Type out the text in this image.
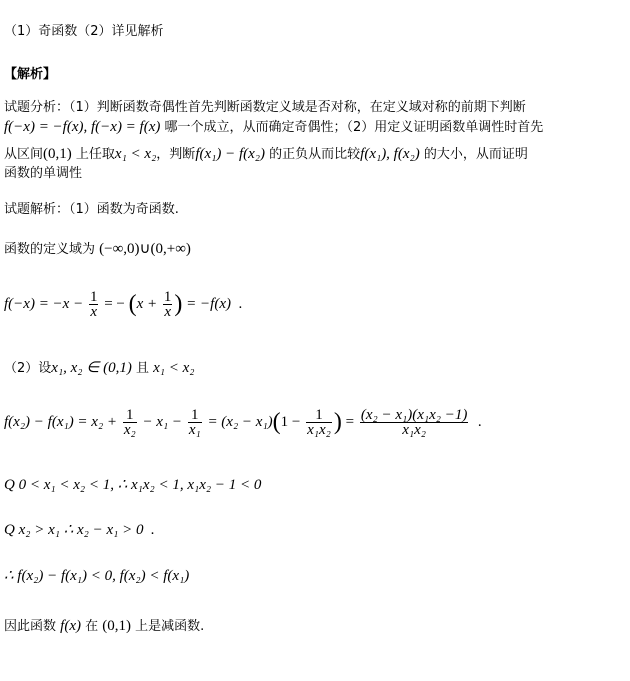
（1）奇函数（2）详见解析
【解析】
试题分析：（1）判断函数奇偶性首先判断函数定义域是否对称，在定义域对称的前期下判断
f(−x) = −f(x), f(−x) = f(x) 哪一个成立，从而确定奇偶性；（2）用定义证明函数单调性时首先
从区间(0,1) 上任取x₁ < x₂，判断f(x₁) − f(x₂) 的正负从而比较f(x₁), f(x₂) 的大小，从而证明
函数的单调性
试题解析：（1）函数为奇函数.
函数的定义域为 (−∞,0)∪(0,+∞)
$f(-x) = -x - \frac{1}{x}$ = − ($x + \frac{1}{x}$ ) = −f(x)  .
（2）设x₁, x₂ ∈ (0,1) 且 x₁ < x₂
$f(x_2) - f(x_1) = x_2 + \frac{1}{\text{x₂}} - x_1 - \frac{1}{\text{x₁}} = (x_2 - x_1)(1 - \frac{1}{\text{x₁x₂}}$ ) = $\frac{\text{(x₂ − x₁)(x₁x₂ −1)}}{\text{x₁x₂}}$ .
Q 0 < x₁ < x₂ < 1, ∴ x₁x₂ < 1, x₁x₂ − 1 < 0
Q x₂ > x₁ ∴ x₂ − x₁ > 0  .
∴ f(x₂) − f(x₁) < 0, f(x₂) < f(x₁)
因此函数 f(x) 在 (0,1) 上是减函数.
